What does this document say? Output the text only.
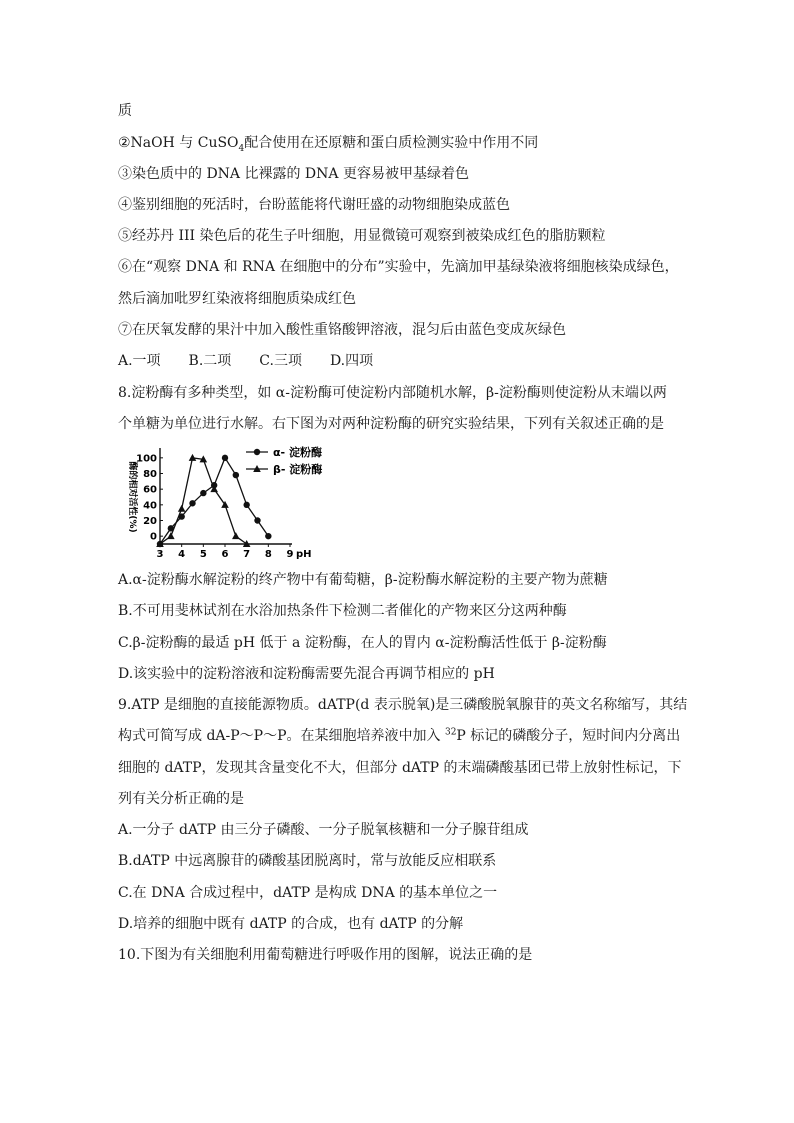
质
②NaOH 与 CuSO$_4$配合使用在还原糖和蛋白质检测实验中作用不同
③染色质中的 DNA 比裸露的 DNA 更容易被甲基绿着色
④鉴别细胞的死活时，台盼蓝能将代谢旺盛的动物细胞染成蓝色
⑤经苏丹 III 染色后的花生子叶细胞，用显微镜可观察到被染成红色的脂肪颗粒
⑥在“观察 DNA 和 RNA 在细胞中的分布”实验中，先滴加甲基绿染液将细胞核染成绿色，
然后滴加吡罗红染液将细胞质染成红色
⑦在厌氧发酵的果汁中加入酸性重铬酸钾溶液，混匀后由蓝色变成灰绿色
A.一项　　B.二项　　C.三项　　D.四项
8.淀粉酶有多种类型，如 α-淀粉酶可使淀粉内部随机水解，β-淀粉酶则使淀粉从末端以两
个单糖为单位进行水解。右下图为对两种淀粉酶的研究实验结果，下列有关叙述正确的是
3 4 5 6 7 8 9 pH
100
80
60
40
20
0
酶的相对活性(%)
α- 淀粉酶
β- 淀粉酶
A.α-淀粉酶水解淀粉的终产物中有葡萄糖，β-淀粉酶水解淀粉的主要产物为蔗糖
B.不可用斐林试剂在水浴加热条件下检测二者催化的产物来区分这两种酶
C.β-淀粉酶的最适 pH 低于 a 淀粉酶，在人的胃内 α-淀粉酶活性低于 β-淀粉酶
D.该实验中的淀粉溶液和淀粉酶需要先混合再调节相应的 pH
9.ATP 是细胞的直接能源物质。dATP(d 表示脱氧)是三磷酸脱氧腺苷的英文名称缩写，其结
构式可简写成 dA-P～P～P。在某细胞培养液中加入 $^{32}$P 标记的磷酸分子，短时间内分离出
细胞的 dATP，发现其含量变化不大，但部分 dATP 的末端磷酸基团已带上放射性标记，下
列有关分析正确的是
A.一分子 dATP 由三分子磷酸、一分子脱氧核糖和一分子腺苷组成
B.dATP 中远离腺苷的磷酸基团脱离时，常与放能反应相联系
C.在 DNA 合成过程中，dATP 是构成 DNA 的基本单位之一
D.培养的细胞中既有 dATP 的合成，也有 dATP 的分解
10.下图为有关细胞利用葡萄糖进行呼吸作用的图解，说法正确的是
